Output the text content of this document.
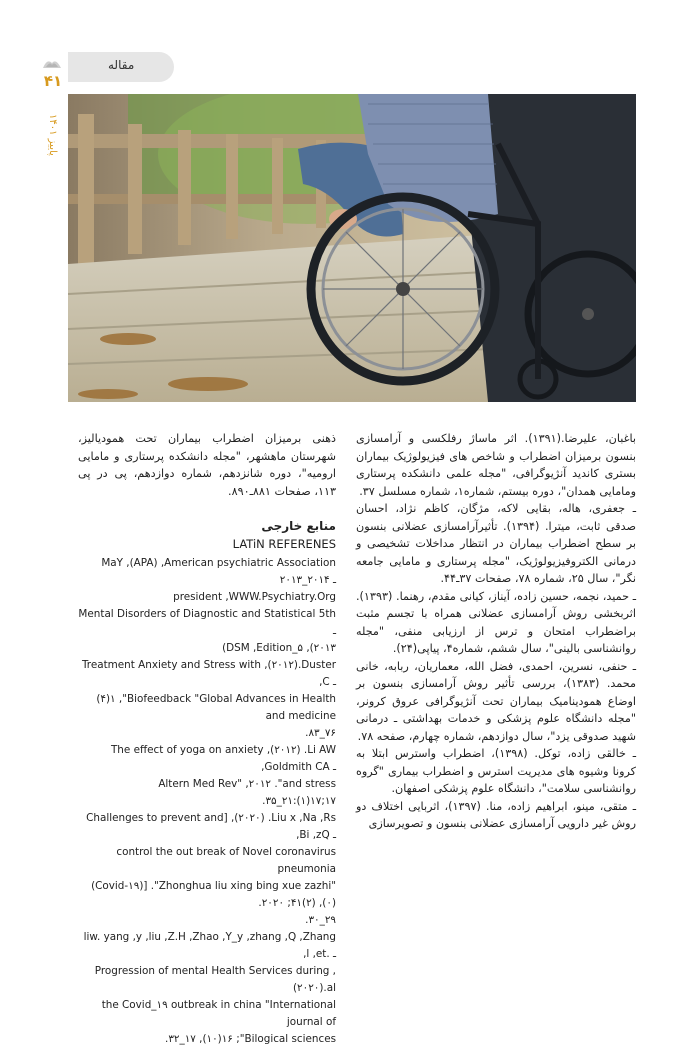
۴۱
پاییز ۱۴۰۱
مقاله

باغبان، علیرضا.(۱۳۹۱). اثر ماساژ رفلکسی و آرامسازی بنسون برمیزان اضطراب و شاخص های فیزیولوژیک بیماران بستری کاندید آنژیوگرافی، "مجله علمی دانشکده پرستاری ومامایی همدان"، دوره بیستم، شماره۱، شماره مسلسل ۳۷.

ـ جعفری، هاله، بقایی لاکه، مژگان، کاظم نژاد، احسان صدقی ثابت، میترا. (۱۳۹۴). تأثیرآرامسازی عضلانی بنسون بر سطح اضطراب بیماران در انتظار مداخلات تشخیصی و درمانی الکتروفیزیولوژیک، "مجله پرستاری و مامایی جامعه نگر"، سال ۲۵، شماره ۷۸، صفحات ۳۷ـ۴۴.

ـ حمید، نجمه، حسین زاده، آیناز، کیانی مقدم، رهنما. (۱۳۹۳). اثربخشی روش آرامسازی عضلانی همراه با تجسم مثبت براضطراب امتحان و ترس از ارزیابی منفی، "مجله روانشناسی بالینی"، سال ششم، شماره۴، پیاپی(۲۴).

ـ حنفی، نسرین، احمدی، فضل الله، معماریان، ربابه، خانی محمد. (۱۳۸۳)، بررسی تأثیر روش آرامسازی بنسون بر اوضاع همودینامیک بیماران تحت آنژیوگرافی عروق کرونر، "مجله دانشگاه علوم پزشکی و خدمات بهداشتی ـ درمانی شهید صدوقی یزد"، سال دوازدهم، شماره چهارم، صفحه ۷۸.

ـ خالقی زاده، توکل. (۱۳۹۸)، اضطراب واسترس ابتلا به کرونا وشیوه های مدیریت استرس و اضطراب بیماری "گروه روانشناسی سلامت"، دانشگاه علوم پزشکی اصفهان.

ـ متقی، مینو، ابراهیم زاده، منا. (۱۳۹۷)، اثربایی اختلاف دو روش غیر دارویی آرامسازی عضلانی بنسون و تصویرسازی

ذهنی برمیزان اضطراب بیماران تحت همودیالیز، شهرستان ماهشهر، "مجله دانشکده پرستاری و مامایی ارومیه"، دوره شانزدهم، شماره دوازدهم، پی در پی ۱۱۳، صفحات ۸۸۱ـ۸۹۰.

منابع خارجی

LATiN REFERENES

MaY ,(APA) ,American psychiatric Association ۲۰۱۳_۲۰۱۴ ـ
president ,WWW.Psychiatry.Org

Mental Disorders of Diagnostic and Statistical 5th ـ
(DSM ,Edition_۵ ,(۲۰۱۳

Treatment Anxiety and Stress with ,(۲۰۱۲).Duster ,C ـ
(۴)۱ ,"Biofeedback "Global Advances in Health and medicine
.۸۳_۷۶

The effect of yoga on anxiety ,(۲۰۱۲) .Li AW ,Goldmith CA ـ
Altern Med Rev" ,۲۰۱۲ ."and stress
.۳۵_۲۱:(۱)۱۷;۱۷

Challenges to prevent and] ,(۲۰۲۰) .Liu x ,Na ,Rs ,Bi ,zQ ـ
control the out break of Novel coronavirus pneumonia
(Covid-۱۹)] ."Zhonghua liu xing bing xue zazhi" .۲۰۲۰ ;۴۱(۲) ,(۰)
.۳۰_۲۹

liw. yang ,y ,liu ,Z.H ,Zhao ,Y_y ,zhang ,Q ,Zhang ,l ,et. ـ
Progression of mental Health Services during ,(۲۰۲۰).al
the Covid_۱۹ outbreak in china "International journal of
.۳۲_۱۷ ,(۱۰)۱۶ ;"Bilogical sciences
